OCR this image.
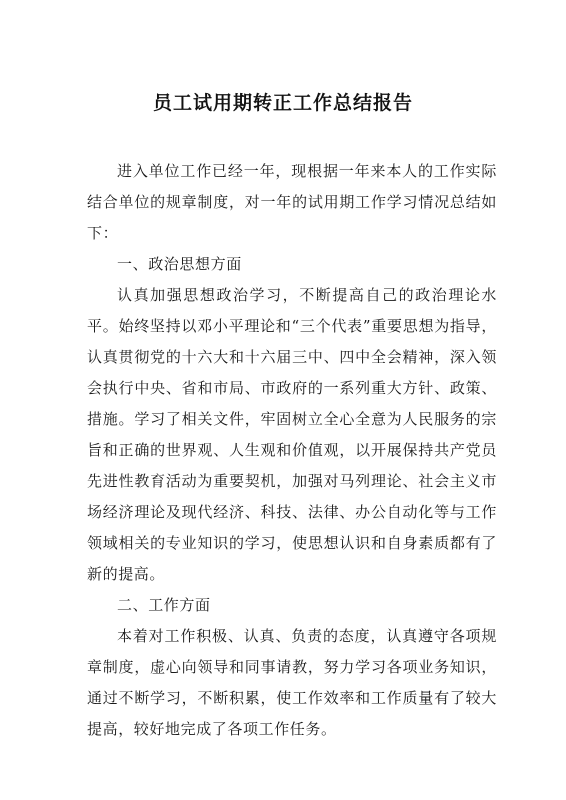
员工试用期转正工作总结报告

进入单位工作已经一年，现根据一年来本人的工作实际结合单位的规章制度，对一年的试用期工作学习情况总结如下：

一、政治思想方面

认真加强思想政治学习，不断提高自己的政治理论水平。始终坚持以邓小平理论和“三个代表”重要思想为指导，认真贯彻党的十六大和十六届三中、四中全会精神，深入领会执行中央、省和市局、市政府的一系列重大方针、政策、措施。学习了相关文件，牢固树立全心全意为人民服务的宗旨和正确的世界观、人生观和价值观，以开展保持共产党员先进性教育活动为重要契机，加强对马列理论、社会主义市场经济理论及现代经济、科技、法律、办公自动化等与工作领域相关的专业知识的学习，使思想认识和自身素质都有了新的提高。

二、工作方面

本着对工作积极、认真、负责的态度，认真遵守各项规章制度，虚心向领导和同事请教，努力学习各项业务知识，通过不断学习，不断积累，使工作效率和工作质量有了较大提高，较好地完成了各项工作任务。
